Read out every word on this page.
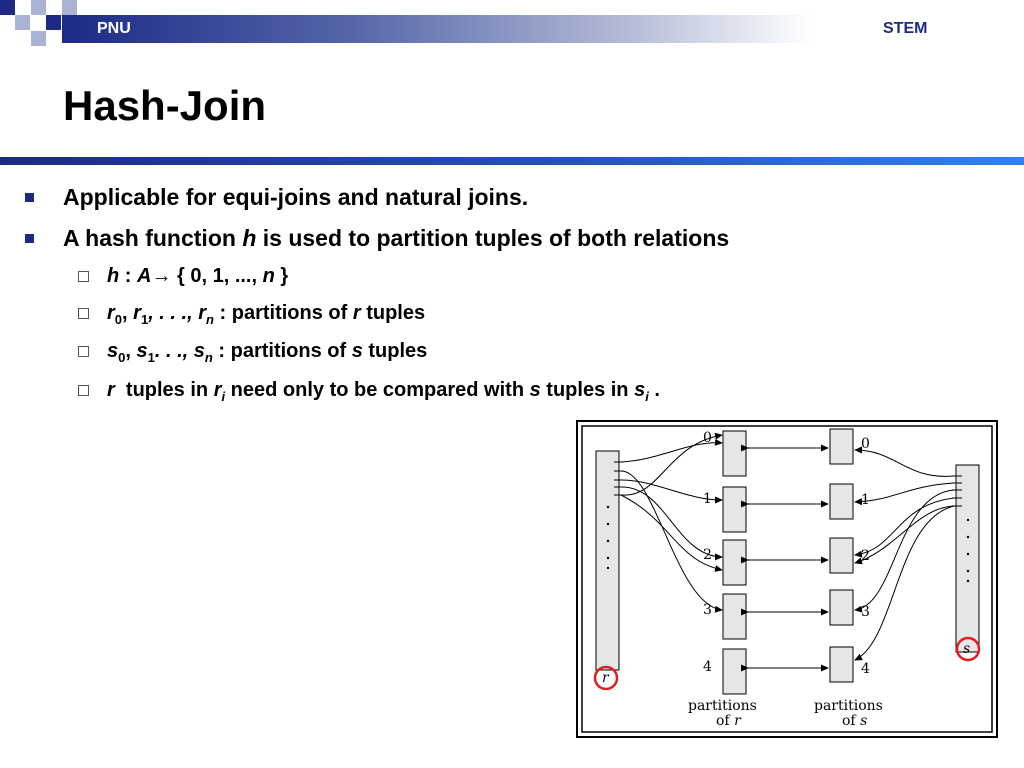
PNU	STEM
Hash-Join
Applicable for equi-joins and natural joins.
A hash function h is used to partition tuples of both relations
h : A→ { 0, 1, ..., n }
$r_0$, $r_1$, . . ., $r_n$ : partitions of r tuples
$s_0$, $s_1$. . ., $s_n$ : partitions of s tuples
r  tuples in $r_i$ need only to be compared with s tuples in $s_i$ .
0
1
2
3
4
0
1
2
3
4
r
s
partitions
of r
partitions
of s
